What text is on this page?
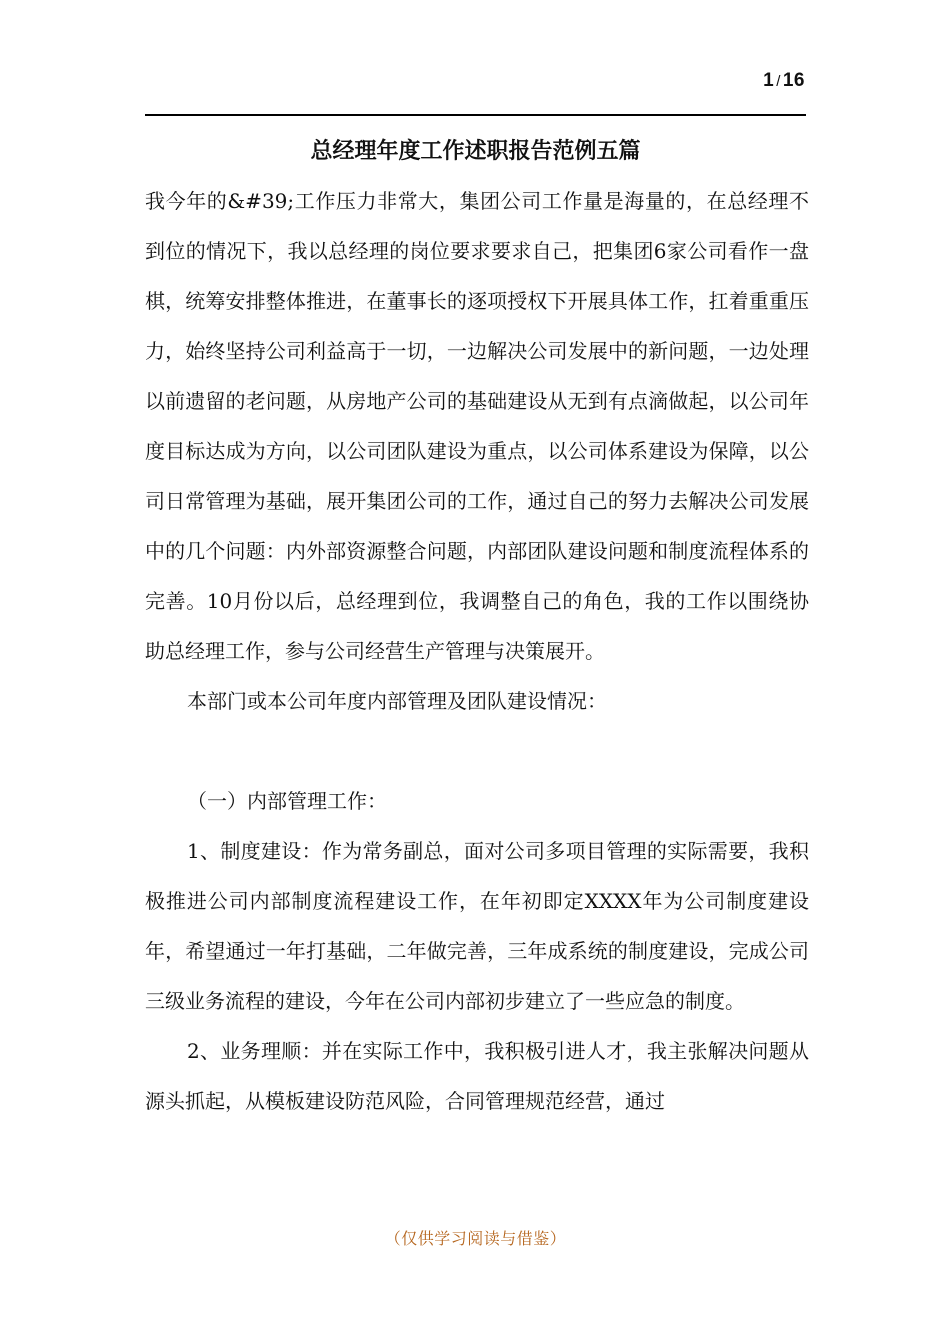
1 / 16
总经理年度工作述职报告范例五篇

我今年的&#39;工作压力非常大，集团公司工作量是海量的，在总经理不到位的情况下，我以总经理的岗位要求要求自己，把集团6家公司看作一盘棋，统筹安排整体推进，在董事长的逐项授权下开展具体工作，扛着重重压力，始终坚持公司利益高于一切，一边解决公司发展中的新问题，一边处理以前遗留的老问题，从房地产公司的基础建设从无到有点滴做起，以公司年度目标达成为方向，以公司团队建设为重点，以公司体系建设为保障，以公司日常管理为基础，展开集团公司的工作，通过自己的努力去解决公司发展中的几个问题：内外部资源整合问题，内部团队建设问题和制度流程体系的完善。10月份以后，总经理到位，我调整自己的角色，我的工作以围绕协助总经理工作，参与公司经营生产管理与决策展开。

本部门或本公司年度内部管理及团队建设情况：

（一）内部管理工作：

1、制度建设：作为常务副总，面对公司多项目管理的实际需要，我积极推进公司内部制度流程建设工作，在年初即定XXXX年为公司制度建设年，希望通过一年打基础，二年做完善，三年成系统的制度建设，完成公司三级业务流程的建设，今年在公司内部初步建立了一些应急的制度。

2、业务理顺：并在实际工作中，我积极引进人才，我主张解决问题从源头抓起，从模板建设防范风险，合同管理规范经营，通过

（仅供学习阅读与借鉴）
